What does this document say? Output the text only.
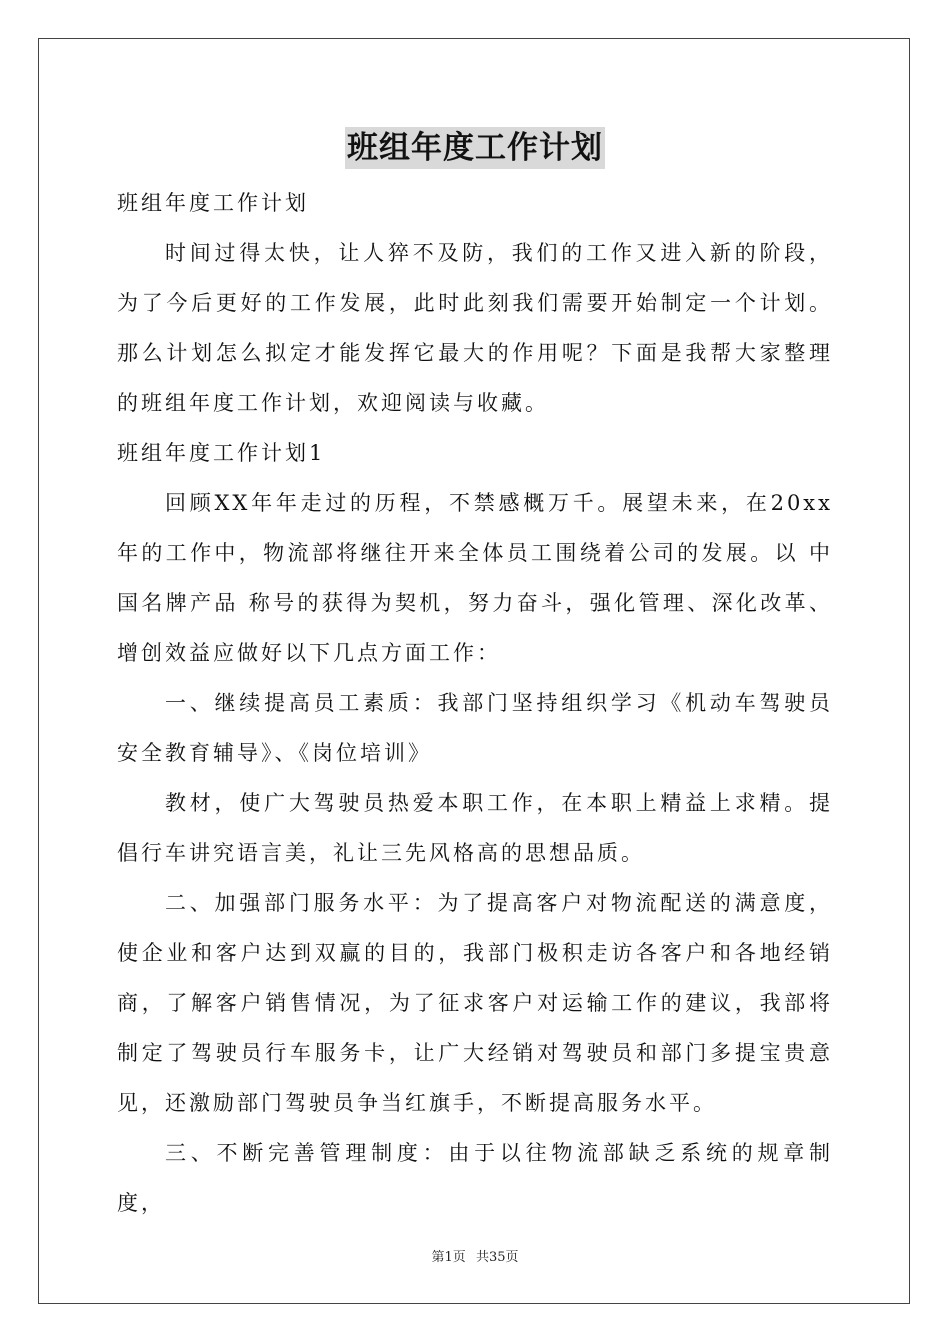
班组年度工作计划

班组年度工作计划

时间过得太快，让人猝不及防，我们的工作又进入新的阶段，为了今后更好的工作发展，此时此刻我们需要开始制定一个计划。那么计划怎么拟定才能发挥它最大的作用呢？下面是我帮大家整理的班组年度工作计划，欢迎阅读与收藏。

班组年度工作计划1

回顾XX年年走过的历程，不禁感概万千。展望未来，在20xx年的工作中，物流部将继往开来全体员工围绕着公司的发展。以 中国名牌产品 称号的获得为契机，努力奋斗，强化管理、深化改革、增创效益应做好以下几点方面工作：

一、继续提高员工素质：我部门坚持组织学习《机动车驾驶员安全教育辅导》、《岗位培训》

教材，使广大驾驶员热爱本职工作，在本职上精益上求精。提倡行车讲究语言美，礼让三先风格高的思想品质。

二、加强部门服务水平：为了提高客户对物流配送的满意度，使企业和客户达到双赢的目的，我部门极积走访各客户和各地经销商，了解客户销售情况，为了征求客户对运输工作的建议，我部将制定了驾驶员行车服务卡，让广大经销对驾驶员和部门多提宝贵意见，还激励部门驾驶员争当红旗手，不断提高服务水平。

三、不断完善管理制度：由于以往物流部缺乏系统的规章制度，

第1页 共35页
